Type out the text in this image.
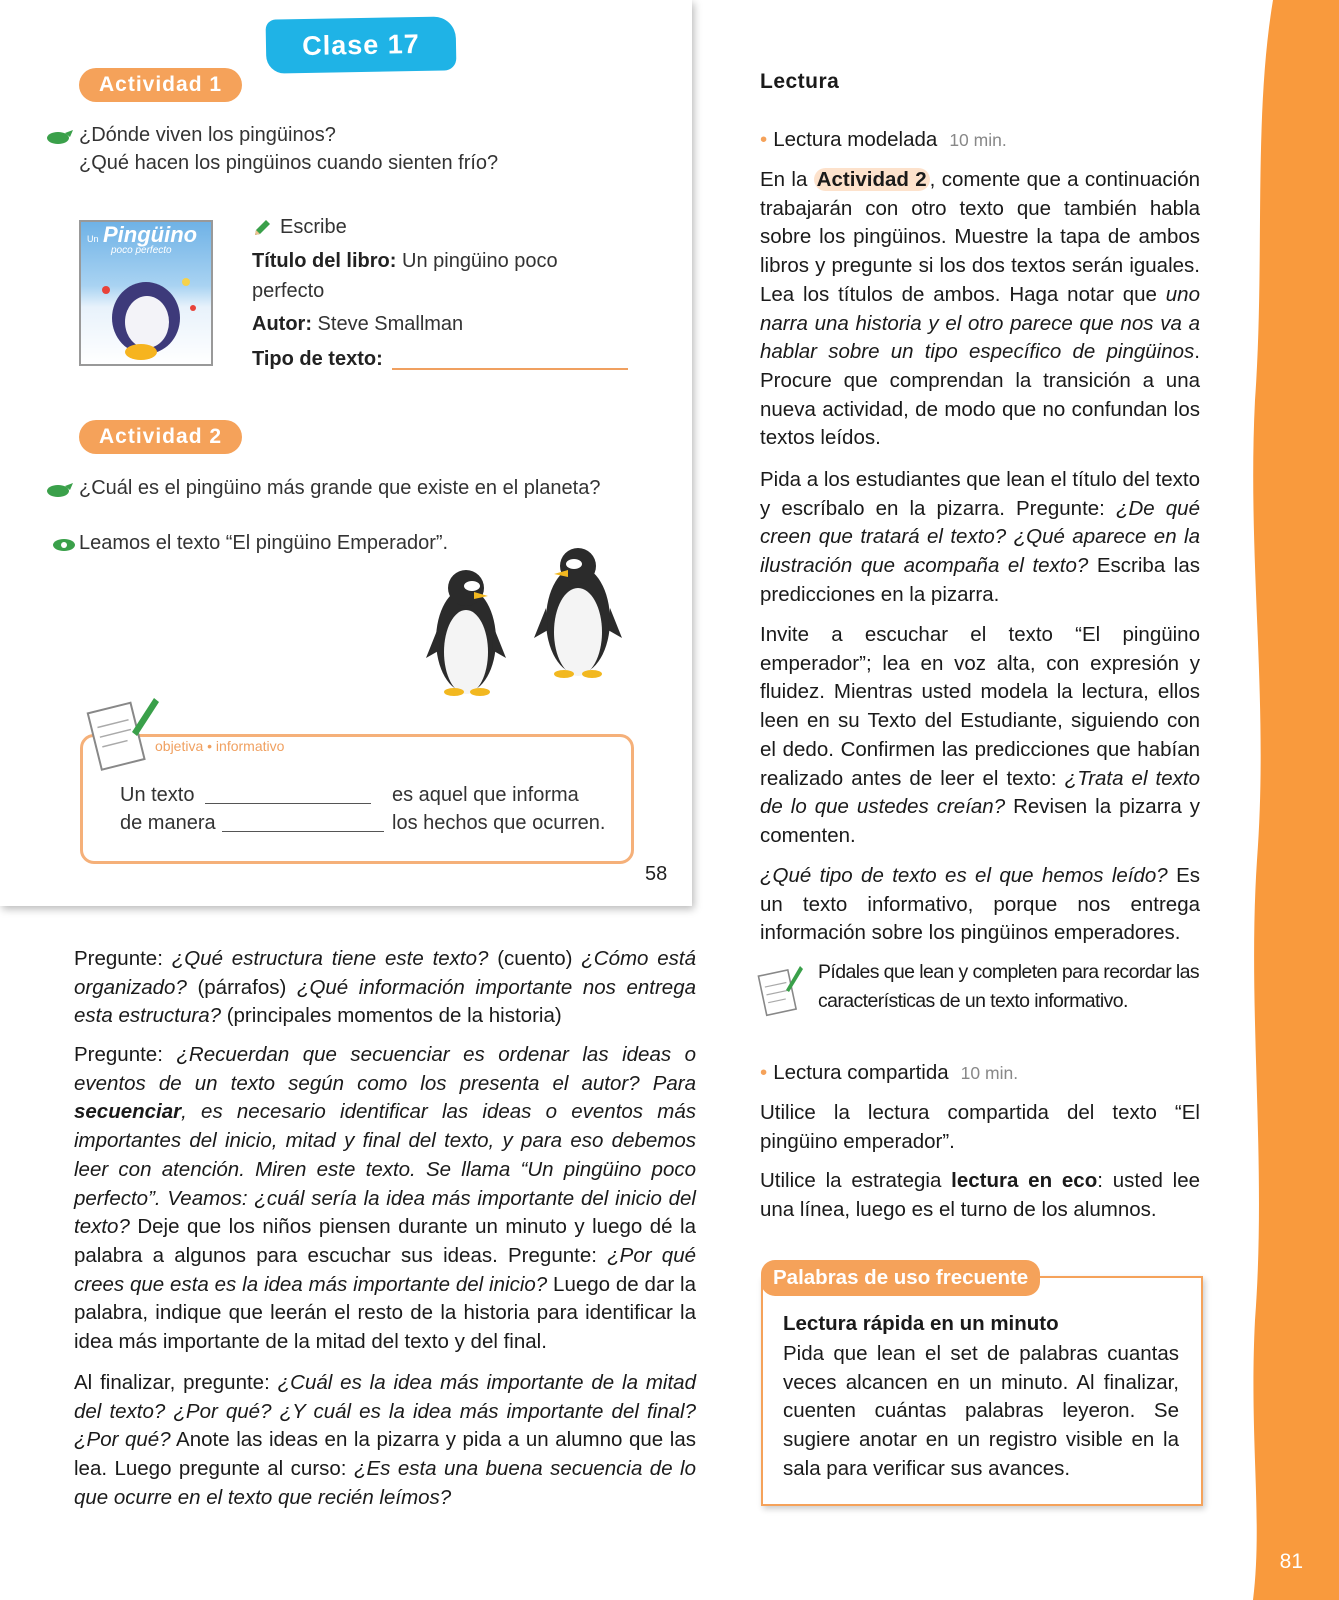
81
Clase 17
Actividad 1
¿Dónde viven los pingüinos?
¿Qué hacen los pingüinos cuando sienten frío?
Un Pingüino
poco perfecto
Escribe
Título del libro: Un pingüino poco
perfecto
Autor: Steve Smallman
Tipo de texto:
Actividad 2
¿Cuál es el pingüino más grande que existe en el planeta?
Leamos el texto “El pingüino Emperador”.
objetiva • informativo
Un texto	es aquel que informa
de manera	los hechos que ocurren.
58

Pregunte: ¿Qué estructura tiene este texto? (cuento) ¿Cómo está organizado? (párrafos) ¿Qué información importante nos entrega esta estructura? (principales momentos de la historia)

Pregunte: ¿Recuerdan que secuenciar es ordenar las ideas o eventos de un texto según como los presenta el autor? Para secuenciar, es necesario identificar las ideas o eventos más importantes del inicio, mitad y final del texto, y para eso debemos leer con atención. Miren este texto. Se llama “Un pingüino poco perfecto”. Veamos: ¿cuál sería la idea más importante del inicio del texto? Deje que los niños piensen durante un minuto y luego dé la palabra a algunos para escuchar sus ideas. Pregunte: ¿Por qué crees que esta es la idea más importante del inicio? Luego de dar la palabra, indique que leerán el resto de la historia para identificar la idea más importante de la mitad del texto y del final.

Al finalizar, pregunte: ¿Cuál es la idea más importante de la mitad del texto? ¿Por qué? ¿Y cuál es la idea más importante del final? ¿Por qué? Anote las ideas en la pizarra y pida a un alumno que las lea. Luego pregunte al curso: ¿Es esta una buena secuencia de lo que ocurre en el texto que recién leímos?

Lectura
• Lectura modelada 10 min.

En la Actividad 2 , comente que a continuación trabajarán con otro texto que también habla sobre los pingüinos. Muestre la tapa de ambos libros y pregunte si los dos textos serán iguales. Lea los títulos de ambos. Haga notar que uno narra una historia y el otro parece que nos va a hablar sobre un tipo específico de pingüinos. Procure que comprendan la transición a una nueva actividad, de modo que no confundan los textos leídos.

Pida a los estudiantes que lean el título del texto y escríbalo en la pizarra. Pregunte: ¿De qué creen que tratará el texto? ¿Qué aparece en la ilustración que acompaña el texto? Escriba las predicciones en la pizarra.

Invite a escuchar el texto “El pingüino emperador”; lea en voz alta, con expresión y fluidez. Mientras usted modela la lectura, ellos leen en su Texto del Estudiante, siguiendo con el dedo. Confirmen las predicciones que habían realizado antes de leer el texto: ¿Trata el texto de lo que ustedes creían? Revisen la pizarra y comenten.

¿Qué tipo de texto es el que hemos leído? Es un texto informativo, porque nos entrega información sobre los pingüinos emperadores.

Pídales que lean y completen para recordar las características de un texto informativo.
• Lectura compartida 10 min.

Utilice la lectura compartida del texto “El pingüino emperador”.

Utilice la estrategia lectura en eco: usted lee una línea, luego es el turno de los alumnos.

Palabras de uso frecuente
Lectura rápida en un minuto

Pida que lean el set de palabras cuantas veces alcancen en un minuto. Al finalizar, cuenten cuántas palabras leyeron. Se sugiere anotar en un registro visible en la sala para verificar sus avances.
